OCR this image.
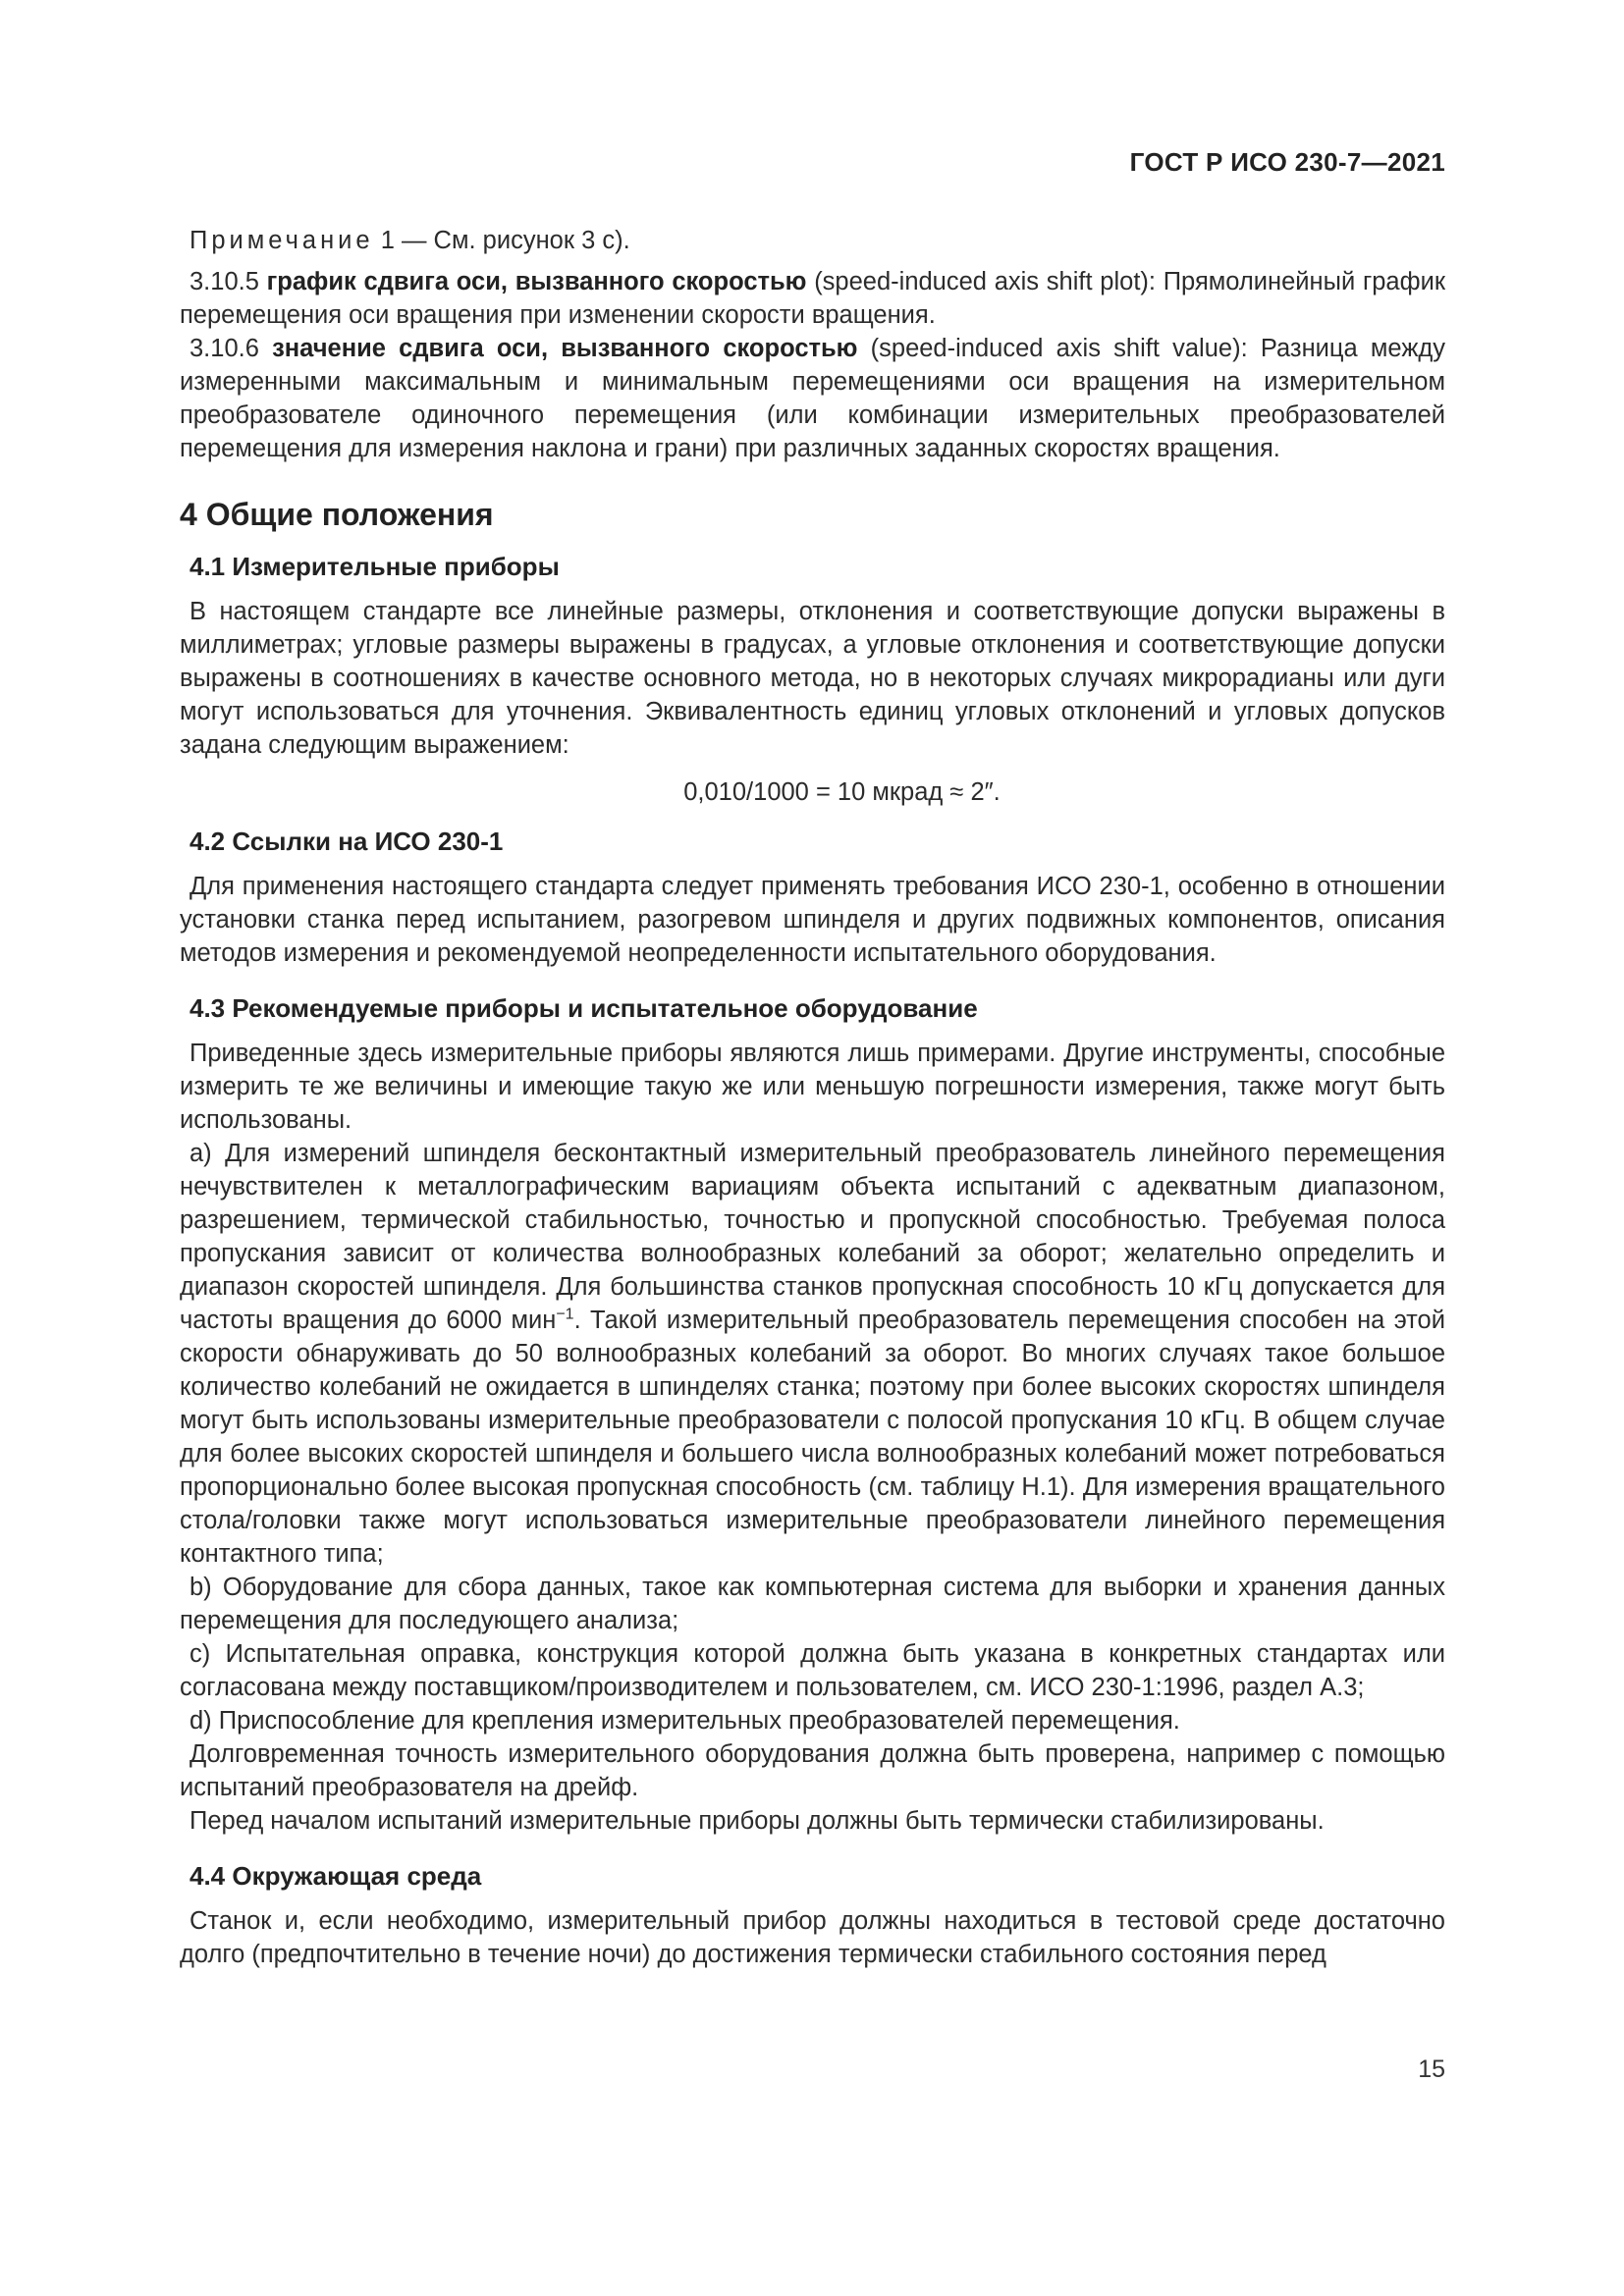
ГОСТ Р ИСО 230-7—2021

Примечание 1 — См. рисунок 3 c).

3.10.5 график сдвига оси, вызванного скоростью (speed-induced axis shift plot): Прямолинейный график перемещения оси вращения при изменении скорости вращения.

3.10.6 значение сдвига оси, вызванного скоростью (speed-induced axis shift value): Разница между измеренными максимальным и минимальным перемещениями оси вращения на измерительном преобразователе одиночного перемещения (или комбинации измерительных преобразователей перемещения для измерения наклона и грани) при различных заданных скоростях вращения.

4 Общие положения
4.1 Измерительные приборы

В настоящем стандарте все линейные размеры, отклонения и соответствующие допуски выражены в миллиметрах; угловые размеры выражены в градусах, а угловые отклонения и соответствующие допуски выражены в соотношениях в качестве основного метода, но в некоторых случаях микрорадианы или дуги могут использоваться для уточнения. Эквивалентность единиц угловых отклонений и угловых допусков задана следующим выражением:

0,010/1000 = 10 мкрад ≈ 2″.
4.2 Ссылки на ИСО 230-1

Для применения настоящего стандарта следует применять требования ИСО 230-1, особенно в отношении установки станка перед испытанием, разогревом шпинделя и других подвижных компонентов, описания методов измерения и рекомендуемой неопределенности испытательного оборудования.

4.3 Рекомендуемые приборы и испытательное оборудование

Приведенные здесь измерительные приборы являются лишь примерами. Другие инструменты, способные измерить те же величины и имеющие такую же или меньшую погрешности измерения, также могут быть использованы.

a) Для измерений шпинделя бесконтактный измерительный преобразователь линейного перемещения нечувствителен к металлографическим вариациям объекта испытаний с адекватным диапазоном, разрешением, термической стабильностью, точностью и пропускной способностью. Требуемая полоса пропускания зависит от количества волнообразных колебаний за оборот; желательно определить и диапазон скоростей шпинделя. Для большинства станков пропускная способность 10 кГц допускается для частоты вращения до 6000 мин$^{-1}$. Такой измерительный преобразователь перемещения способен на этой скорости обнаруживать до 50 волнообразных колебаний за оборот. Во многих случаях такое большое количество колебаний не ожидается в шпинделях станка; поэтому при более высоких скоростях шпинделя могут быть использованы измерительные преобразователи с полосой пропускания 10 кГц. В общем случае для более высоких скоростей шпинделя и большего числа волнообразных колебаний может потребоваться пропорционально более высокая пропускная способность (см. таблицу H.1). Для измерения вращательного стола/головки также могут использоваться измерительные преобразователи линейного перемещения контактного типа;

b) Оборудование для сбора данных, такое как компьютерная система для выборки и хранения данных перемещения для последующего анализа;

c) Испытательная оправка, конструкция которой должна быть указана в конкретных стандартах или согласована между поставщиком/производителем и пользователем, см. ИСО 230-1:1996, раздел А.3;

d) Приспособление для крепления измерительных преобразователей перемещения.

Долговременная точность измерительного оборудования должна быть проверена, например с помощью испытаний преобразователя на дрейф.

Перед началом испытаний измерительные приборы должны быть термически стабилизированы.

4.4 Окружающая среда

Станок и, если необходимо, измерительный прибор должны находиться в тестовой среде достаточно долго (предпочтительно в течение ночи) до достижения термически стабильного состояния перед

15
